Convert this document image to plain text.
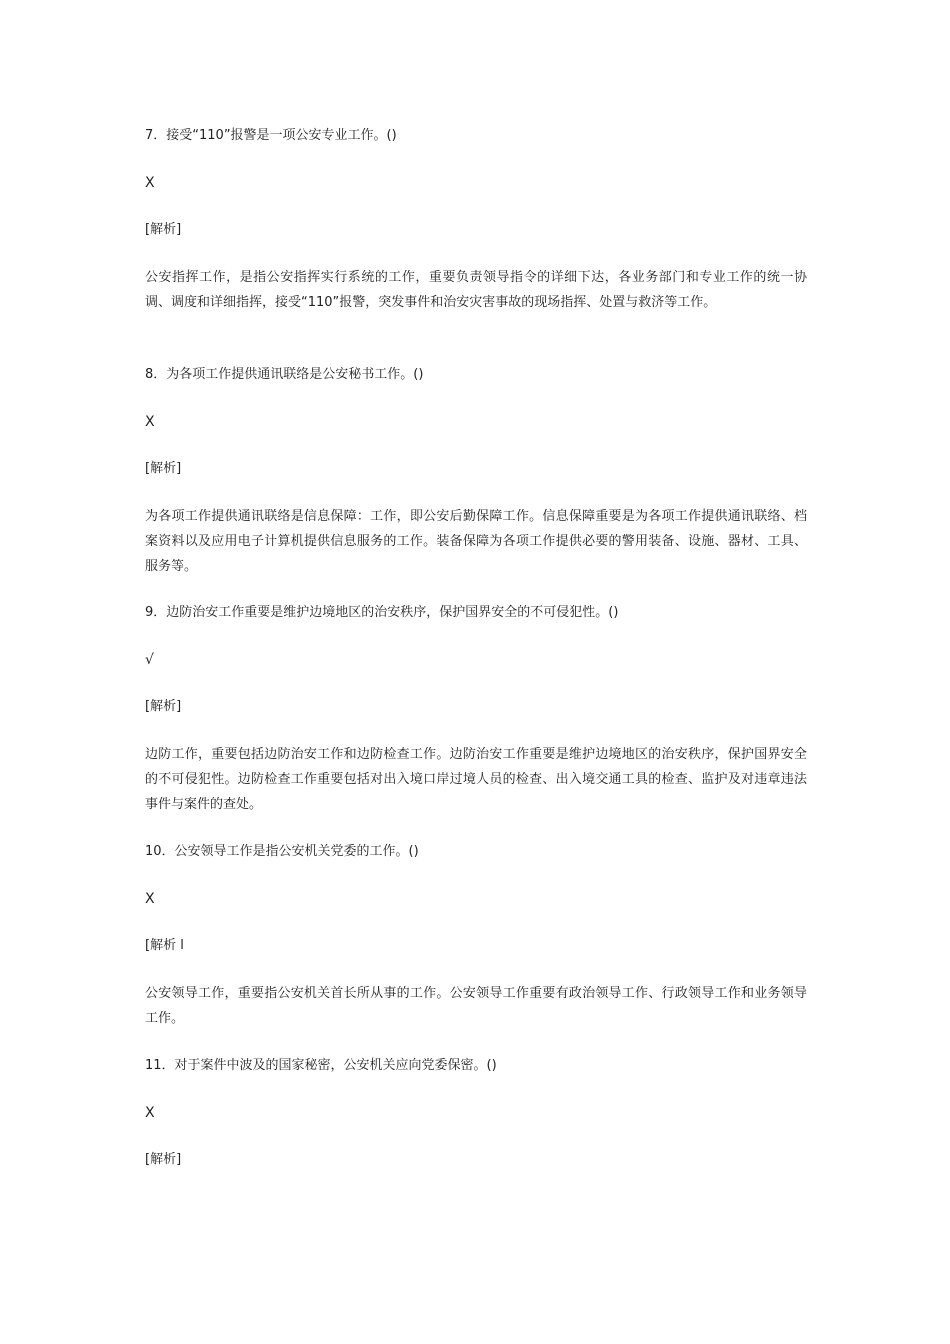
7．接受“110”报警是一项公安专业工作。()

X

[解析]

公安指挥工作，是指公安指挥实行系统的工作，重要负责领导指令的详细下达，各业务部门和专业工作的统一协调、调度和详细指挥，接受“110”报警，突发事件和治安灾害事故的现场指挥、处置与救济等工作。

8．为各项工作提供通讯联络是公安秘书工作。()

X

[解析]

为各项工作提供通讯联络是信息保障：工作，即公安后勤保障工作。信息保障重要是为各项工作提供通讯联络、档案资料以及应用电子计算机提供信息服务的工作。装备保障为各项工作提供必要的警用装备、设施、器材、工具、服务等。

9．边防治安工作重要是维护边境地区的治安秩序，保护国界安全的不可侵犯性。()

√

[解析]

边防工作，重要包括边防治安工作和边防检查工作。边防治安工作重要是维护边境地区的治安秩序，保护国界安全的不可侵犯性。边防检查工作重要包括对出入境口岸过境人员的检查、出入境交通工具的检查、监护及对违章违法事件与案件的查处。

10．公安领导工作是指公安机关党委的工作。()

X

[解析 l

公安领导工作，重要指公安机关首长所从事的工作。公安领导工作重要有政治领导工作、行政领导工作和业务领导工作。

11．对于案件中波及的国家秘密，公安机关应向党委保密。()

X

[解析]
